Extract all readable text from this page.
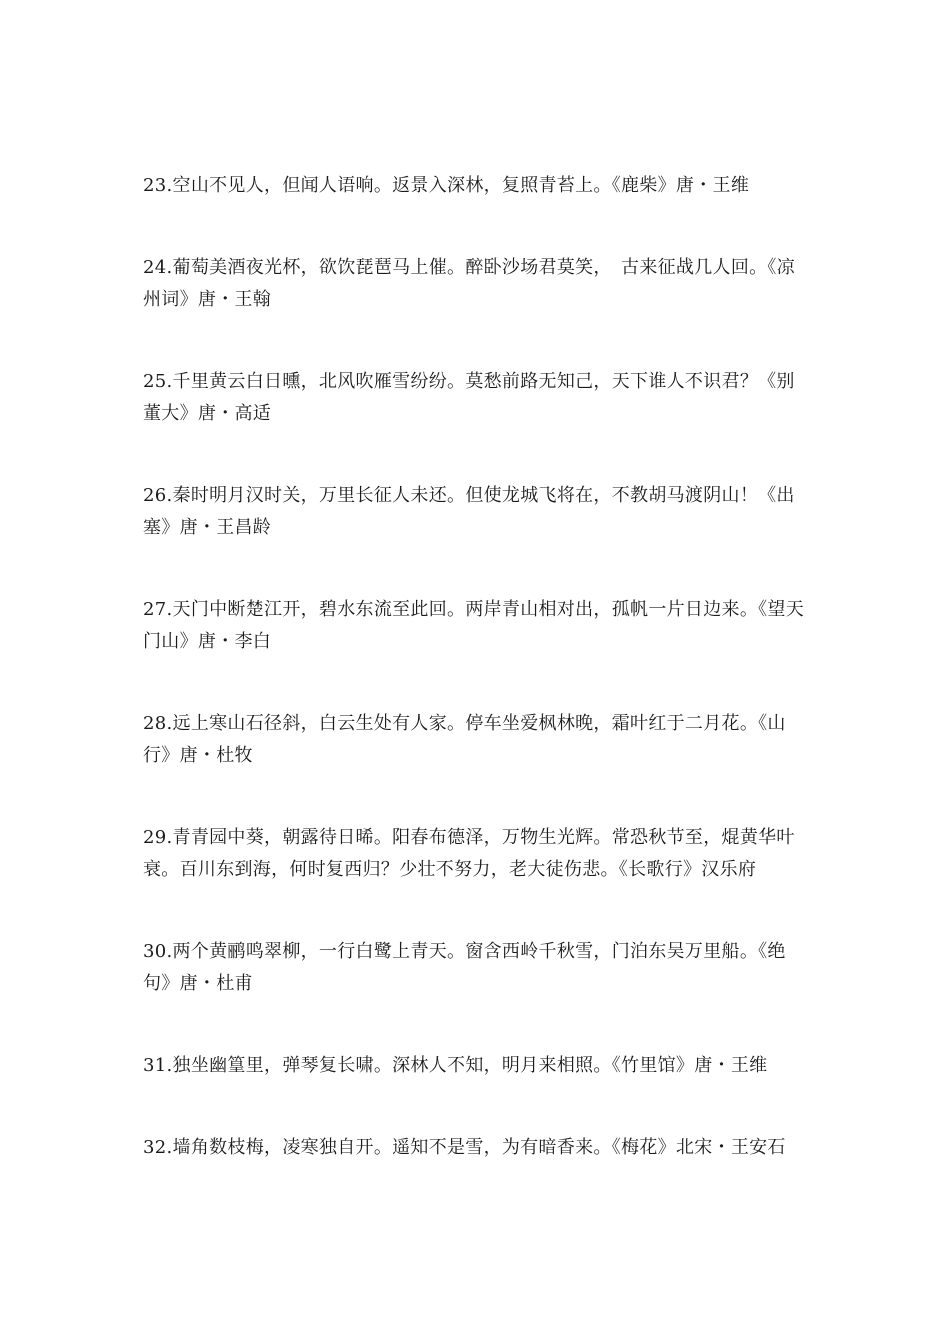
23.空山不见人，但闻人语响。返景入深林，复照青苔上。《鹿柴》唐・王维
24.葡萄美酒夜光杯，欲饮琵琶马上催。醉卧沙场君莫笑，　古来征战几人回。《凉州词》唐・王翰
25.千里黄云白日曛，北风吹雁雪纷纷。莫愁前路无知己，天下谁人不识君？《别董大》唐・高适
26.秦时明月汉时关，万里长征人未还。但使龙城飞将在，不教胡马渡阴山！《出塞》唐・王昌龄
27.天门中断楚江开，碧水东流至此回。两岸青山相对出，孤帆一片日边来。《望天门山》唐・李白
28.远上寒山石径斜，白云生处有人家。停车坐爱枫林晚，霜叶红于二月花。《山行》唐・杜牧
29.青青园中葵，朝露待日晞。阳春布德泽，万物生光辉。常恐秋节至，焜黄华叶衰。百川东到海，何时复西归？少壮不努力，老大徒伤悲。《长歌行》汉乐府
30.两个黄鹂鸣翠柳，一行白鹭上青天。窗含西岭千秋雪，门泊东吴万里船。《绝句》唐・杜甫
31.独坐幽篁里，弹琴复长啸。深林人不知，明月来相照。《竹里馆》唐・王维
32.墙角数枝梅，凌寒独自开。遥知不是雪，为有暗香来。《梅花》北宋・王安石
